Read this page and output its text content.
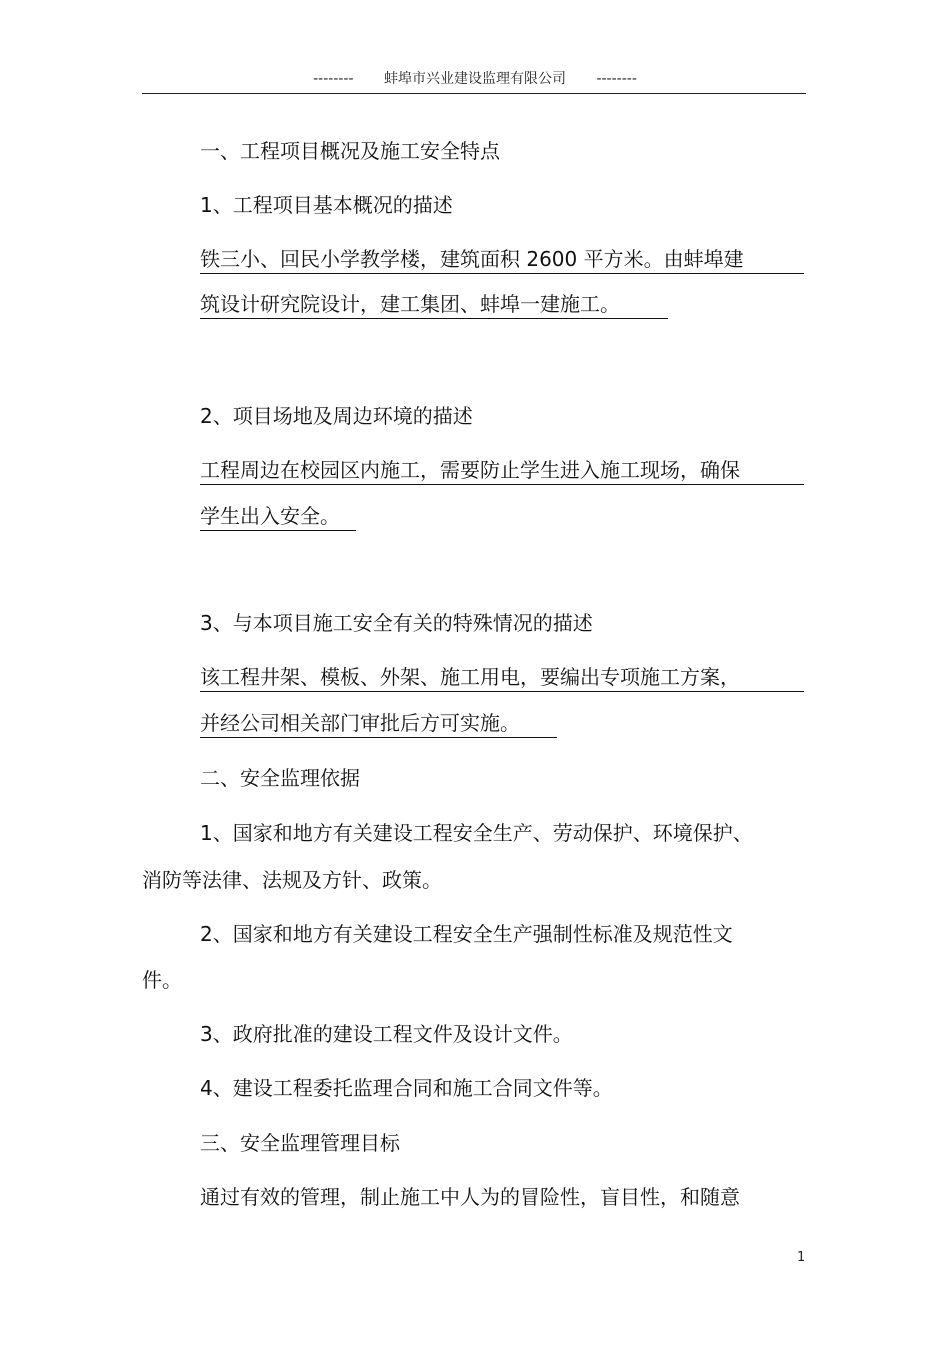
-------- 蚌埠市兴业建设监理有限公司 --------
一、工程项目概况及施工安全特点
1、工程项目基本概况的描述
铁三小、回民小学教学楼，建筑面积 2600 平方米。由蚌埠建
筑设计研究院设计，建工集团、蚌埠一建施工。
2、项目场地及周边环境的描述
工程周边在校园区内施工，需要防止学生进入施工现场，确保
学生出入安全。
3、与本项目施工安全有关的特殊情况的描述
该工程井架、模板、外架、施工用电，要编出专项施工方案，
并经公司相关部门审批后方可实施。
二、安全监理依据
1、国家和地方有关建设工程安全生产、劳动保护、环境保护、
消防等法律、法规及方针、政策。
2、国家和地方有关建设工程安全生产强制性标准及规范性文
件。
3、政府批准的建设工程文件及设计文件。
4、建设工程委托监理合同和施工合同文件等。
三、安全监理管理目标
通过有效的管理，制止施工中人为的冒险性，盲目性，和随意
1
